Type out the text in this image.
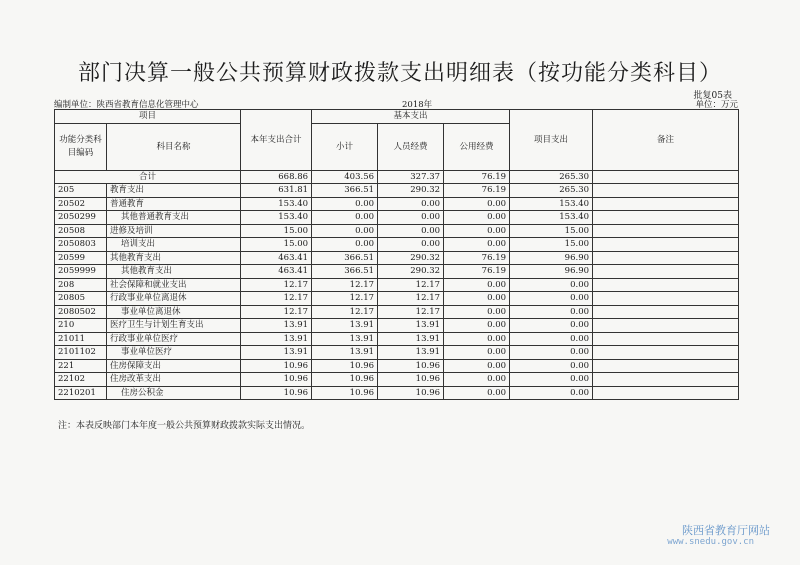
部门决算一般公共预算财政拨款支出明细表（按功能分类科目）
批复05表
编制单位：陕西省教育信息化管理中心	2018年	单位：万元
项目		本年支出合计	基本支出			项目支出	备注
功能分类科目编码	科目名称		小计	人员经费	公用经费		

合计		668.86	403.56	327.37	76.19	265.30	
205	教育支出	631.81	366.51	290.32	76.19	265.30	
20502	普通教育	153.40	0.00	0.00	0.00	153.40	
2050299	其他普通教育支出	153.40	0.00	0.00	0.00	153.40	
20508	进修及培训	15.00	0.00	0.00	0.00	15.00	
2050803	培训支出	15.00	0.00	0.00	0.00	15.00	
20599	其他教育支出	463.41	366.51	290.32	76.19	96.90	
2059999	其他教育支出	463.41	366.51	290.32	76.19	96.90	
208	社会保障和就业支出	12.17	12.17	12.17	0.00	0.00	
20805	行政事业单位离退休	12.17	12.17	12.17	0.00	0.00	
2080502	事业单位离退休	12.17	12.17	12.17	0.00	0.00	
210	医疗卫生与计划生育支出	13.91	13.91	13.91	0.00	0.00	
21011	行政事业单位医疗	13.91	13.91	13.91	0.00	0.00	
2101102	事业单位医疗	13.91	13.91	13.91	0.00	0.00	
221	住房保障支出	10.96	10.96	10.96	0.00	0.00	
22102	住房改革支出	10.96	10.96	10.96	0.00	0.00	
2210201	住房公积金	10.96	10.96	10.96	0.00	0.00	
注：本表反映部门本年度一般公共预算财政拨款实际支出情况。
陕西省教育厅网站
www.snedu.gov.cn
